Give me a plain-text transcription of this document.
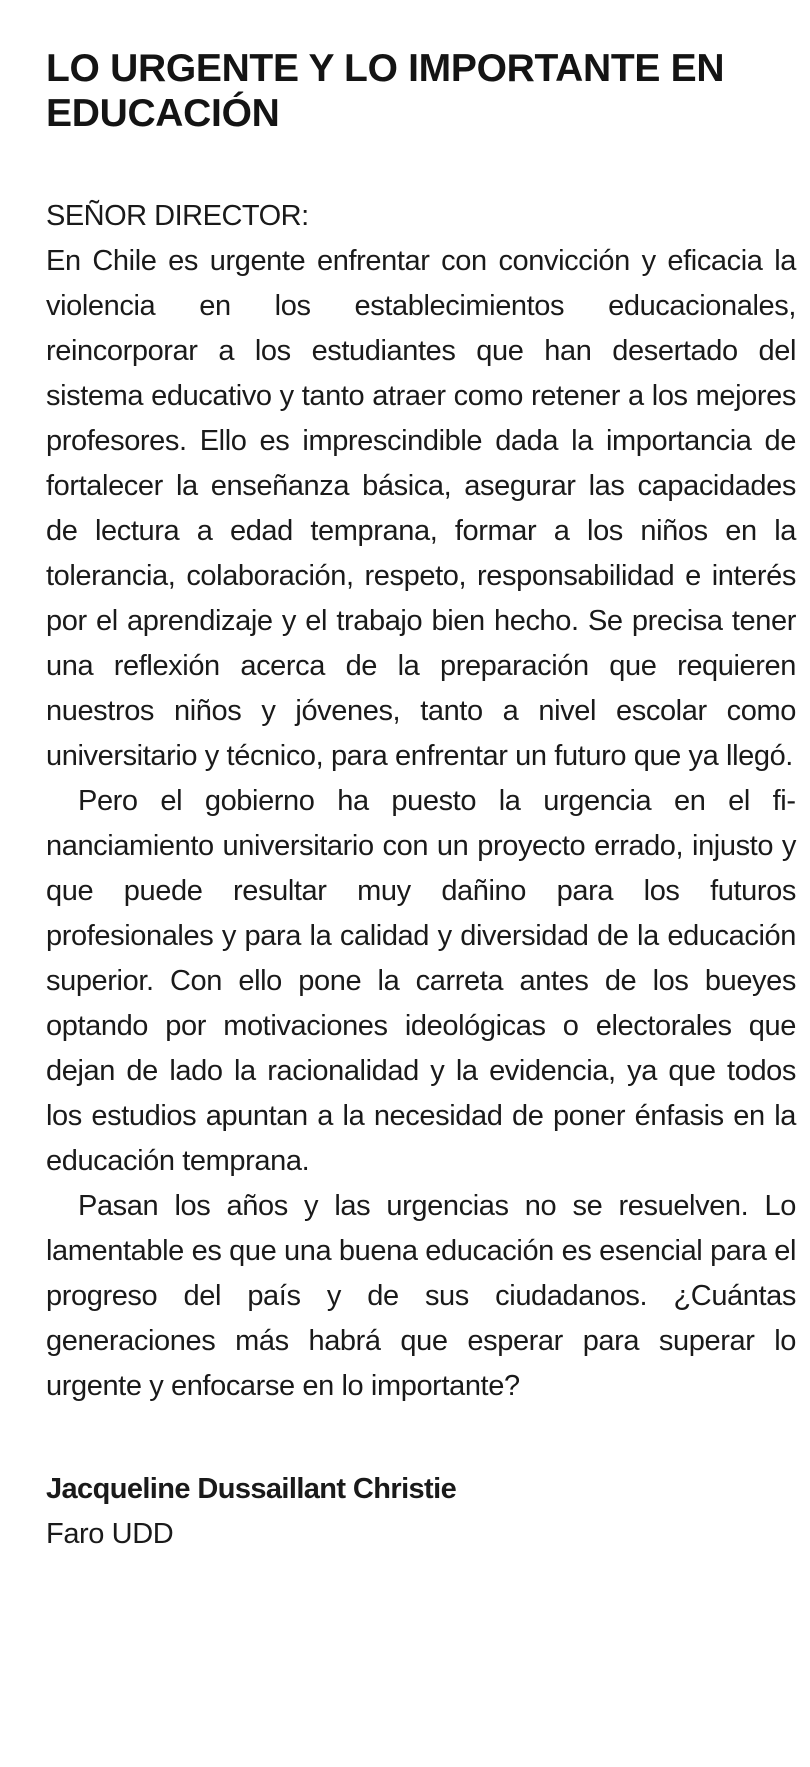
LO URGENTE Y LO IMPORTANTE EN EDUCACIÓN

SEÑOR DIRECTOR:

En Chile es urgente enfrentar con convicción y eficacia la violencia en los establecimientos educacionales, reincorporar a los estudiantes que han desertado del sistema educativo y tanto atraer como retener a los mejores profesores. Ello es imprescindible dada la importancia de fortalecer la enseñanza básica, asegurar las capacidades de lectura a edad temprana, formar a los niños en la tolerancia, colaboración, respeto, responsabilidad e interés por el aprendizaje y el trabajo bien hecho. Se precisa tener una reflexión acerca de la preparación que requieren nuestros niños y jóvenes, tanto a nivel escolar como universitario y técnico, para enfrentar un futuro que ya llegó.

Pero el gobierno ha puesto la urgencia en el financiamiento universitario con un proyecto errado, injusto y que puede resultar muy dañino para los futuros profesionales y para la calidad y diversidad de la educación superior. Con ello pone la carreta antes de los bueyes optando por motivaciones ideológicas o electorales que dejan de lado la racionalidad y la evidencia, ya que todos los estudios apuntan a la necesidad de poner énfasis en la educación temprana.

Pasan los años y las urgencias no se resuelven. Lo lamentable es que una buena educación es esencial para el progreso del país y de sus ciudadanos. ¿Cuántas generaciones más habrá que esperar para superar lo urgente y enfocarse en lo importante?

Jacqueline Dussaillant Christie

Faro UDD
